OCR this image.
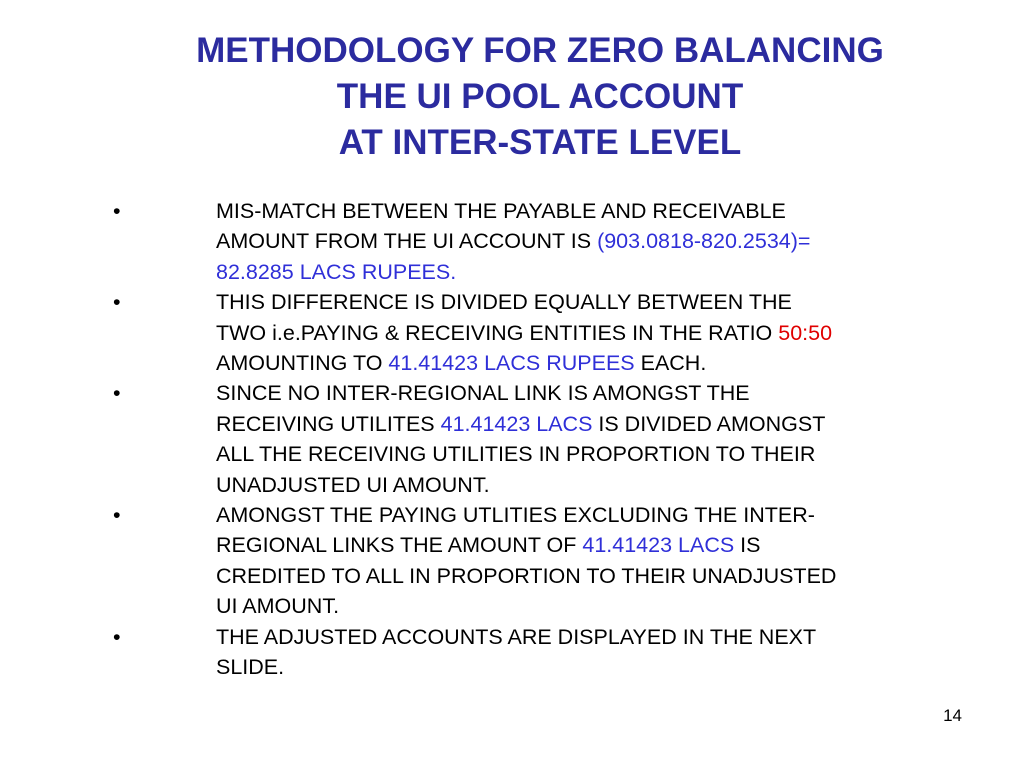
METHODOLOGY FOR ZERO BALANCING
THE UI POOL ACCOUNT
AT INTER-STATE LEVEL
•	MIS-MATCH BETWEEN THE PAYABLE AND RECEIVABLE
AMOUNT FROM THE UI ACCOUNT IS (903.0818-820.2534)=
82.8285 LACS RUPEES.
•	THIS DIFFERENCE IS DIVIDED EQUALLY BETWEEN THE
TWO i.e.PAYING & RECEIVING ENTITIES IN THE RATIO 50:50
AMOUNTING TO 41.41423 LACS RUPEES EACH.
•	SINCE NO INTER-REGIONAL LINK IS AMONGST THE
RECEIVING UTILITES 41.41423 LACS IS DIVIDED AMONGST
ALL THE RECEIVING UTILITIES IN PROPORTION TO THEIR
UNADJUSTED UI AMOUNT.
•	AMONGST THE PAYING UTLITIES EXCLUDING THE INTER-
REGIONAL LINKS THE AMOUNT OF 41.41423 LACS IS
CREDITED TO ALL IN PROPORTION TO THEIR UNADJUSTED
UI AMOUNT.
•	THE ADJUSTED ACCOUNTS ARE DISPLAYED IN THE NEXT
SLIDE.
14
